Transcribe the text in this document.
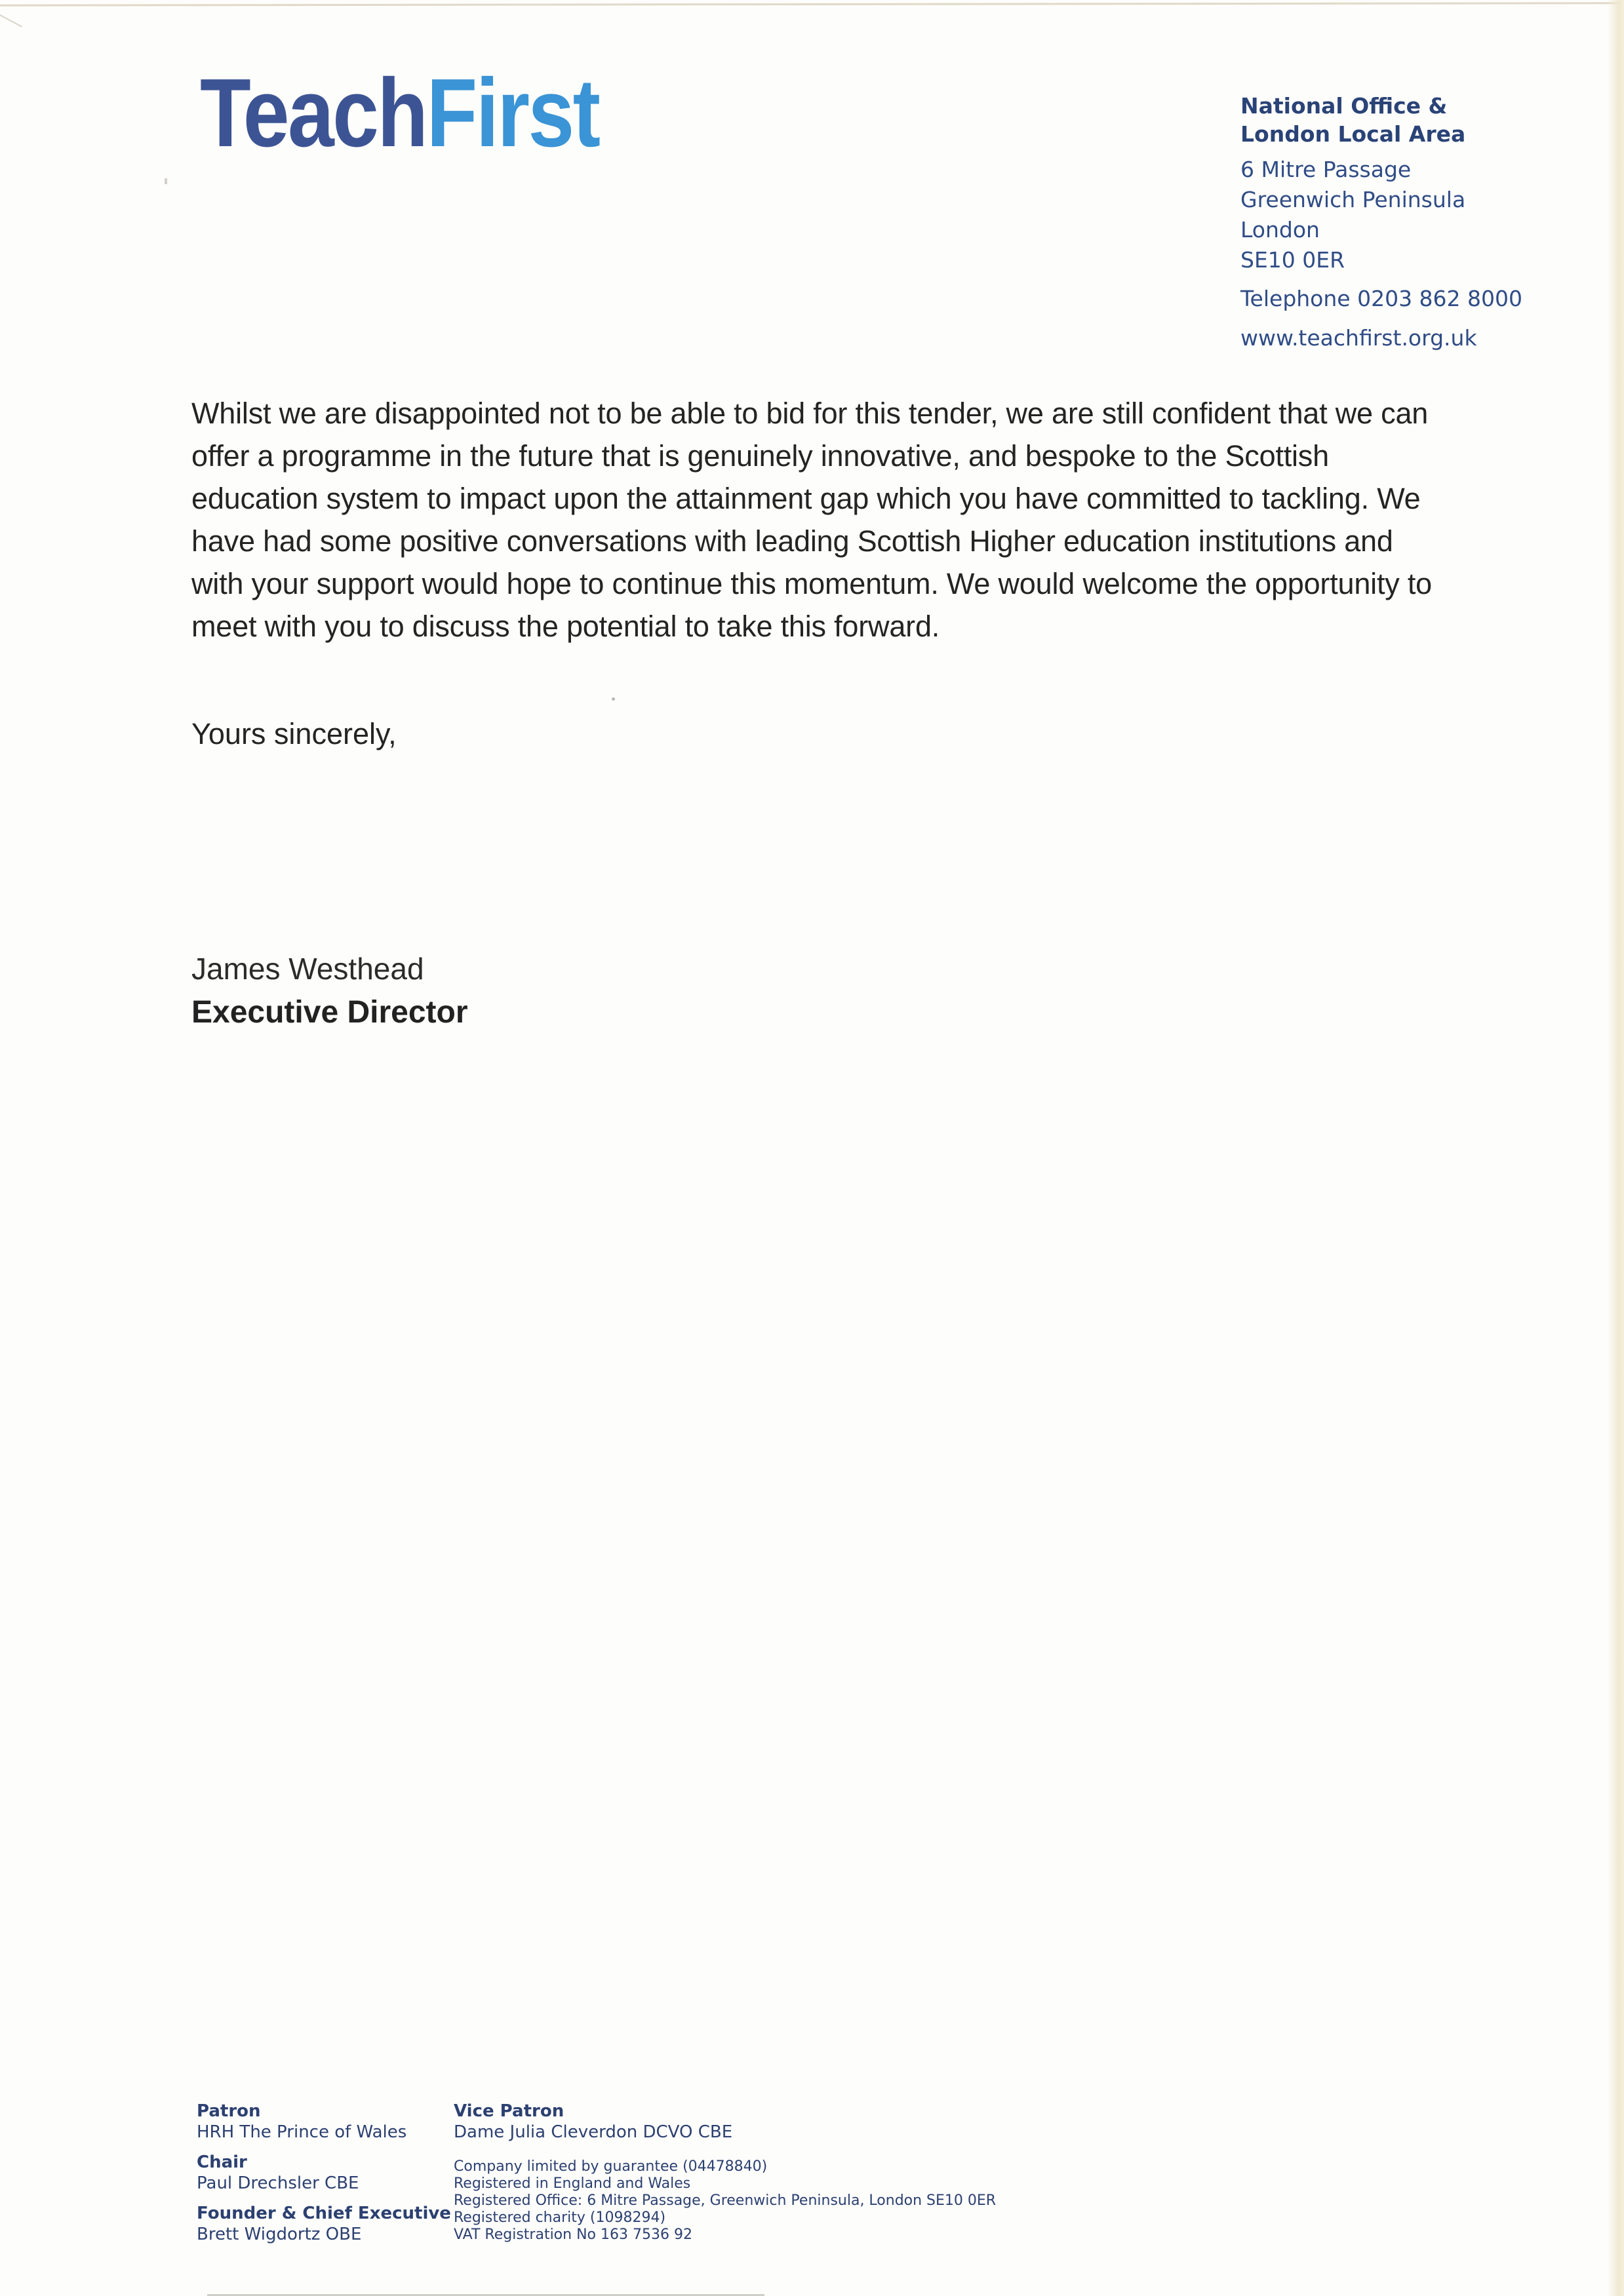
TeachFirst	National Office &
London Local Area
6 Mitre Passage
Greenwich Peninsula
London
SE10 0ER
Telephone 0203 862 8000
www.teachfirst.org.uk
Whilst we are disappointed not to be able to bid for this tender, we are still confident that we can
offer a programme in the future that is genuinely innovative, and bespoke to the Scottish
education system to impact upon the attainment gap which you have committed to tackling. We
have had some positive conversations with leading Scottish Higher education institutions and
with your support would hope to continue this momentum. We would welcome the opportunity to
meet with you to discuss the potential to take this forward.
Yours sincerely,
James Westhead
Executive Director
Patron
HRH The Prince of Wales
Chair
Paul Drechsler CBE
Founder & Chief Executive
Brett Wigdortz OBE
Vice Patron
Dame Julia Cleverdon DCVO CBE
Company limited by guarantee (04478840)
Registered in England and Wales
Registered Office: 6 Mitre Passage, Greenwich Peninsula, London SE10 0ER
Registered charity (1098294)
VAT Registration No 163 7536 92
